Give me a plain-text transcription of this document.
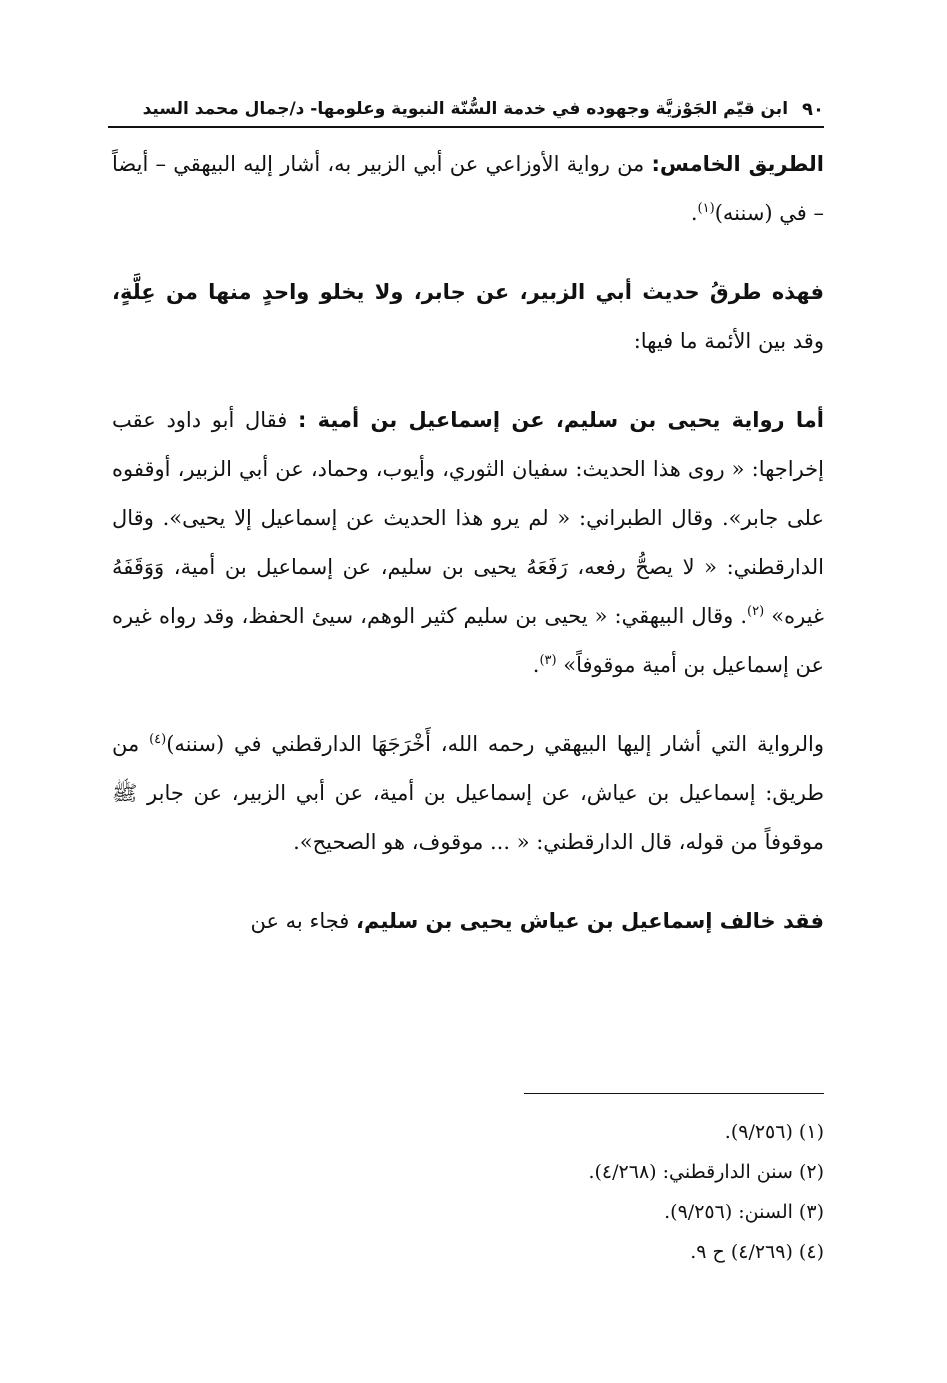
٩٠
ابن قيّم الجَوْزيَّة وجهوده في خدمة السُّنّة النبوية وعلومها- د/جمال محمد السيد

الطريق الخامس: من رواية الأوزاعي عن أبي الزبير به، أشار إليه البيهقي – أيضاً – في (سننه)$^{(١)}$.

فهذه طرقُ حديث أبي الزبير، عن جابر، ولا يخلو واحدٍ منها من عِلَّةٍ، وقد بين الأئمة ما فيها:

أما رواية يحيى بن سليم، عن إسماعيل بن أمية : فقال أبو داود عقب إخراجها: « روى هذا الحديث: سفيان الثوري، وأيوب، وحماد، عن أبي الزبير، أوقفوه على جابر». وقال الطبراني: « لم يرو هذا الحديث عن إسماعيل إلا يحيى». وقال الدارقطني: « لا يصحُّ رفعه، رَفَعَهُ يحيى بن سليم، عن إسماعيل بن أمية، وَوَقَفَهُ غيره» $^{(٢)}$. وقال البيهقي: « يحيى بن سليم كثير الوهم، سيئ الحفظ، وقد رواه غيره عن إسماعيل بن أمية موقوفاً» $^{(٣)}$.

والرواية التي أشار إليها البيهقي رحمه الله، أَخْرَجَهَا الدارقطني في (سننه)$^{(٤)}$ من طريق: إسماعيل بن عياش، عن إسماعيل بن أمية، عن أبي الزبير، عن جابر ﷺ موقوفاً من قوله، قال الدارقطني: « ... موقوف، هو الصحيح».

فقد خالف إسماعيل بن عياش يحيى بن سليم، فجاء به عن

(١) (٩/٢٥٦).
(٢) سنن الدارقطني: (٤/٢٦٨).
(٣) السنن: (٩/٢٥٦).
(٤) (٤/٢٦٩) ح ٩.
